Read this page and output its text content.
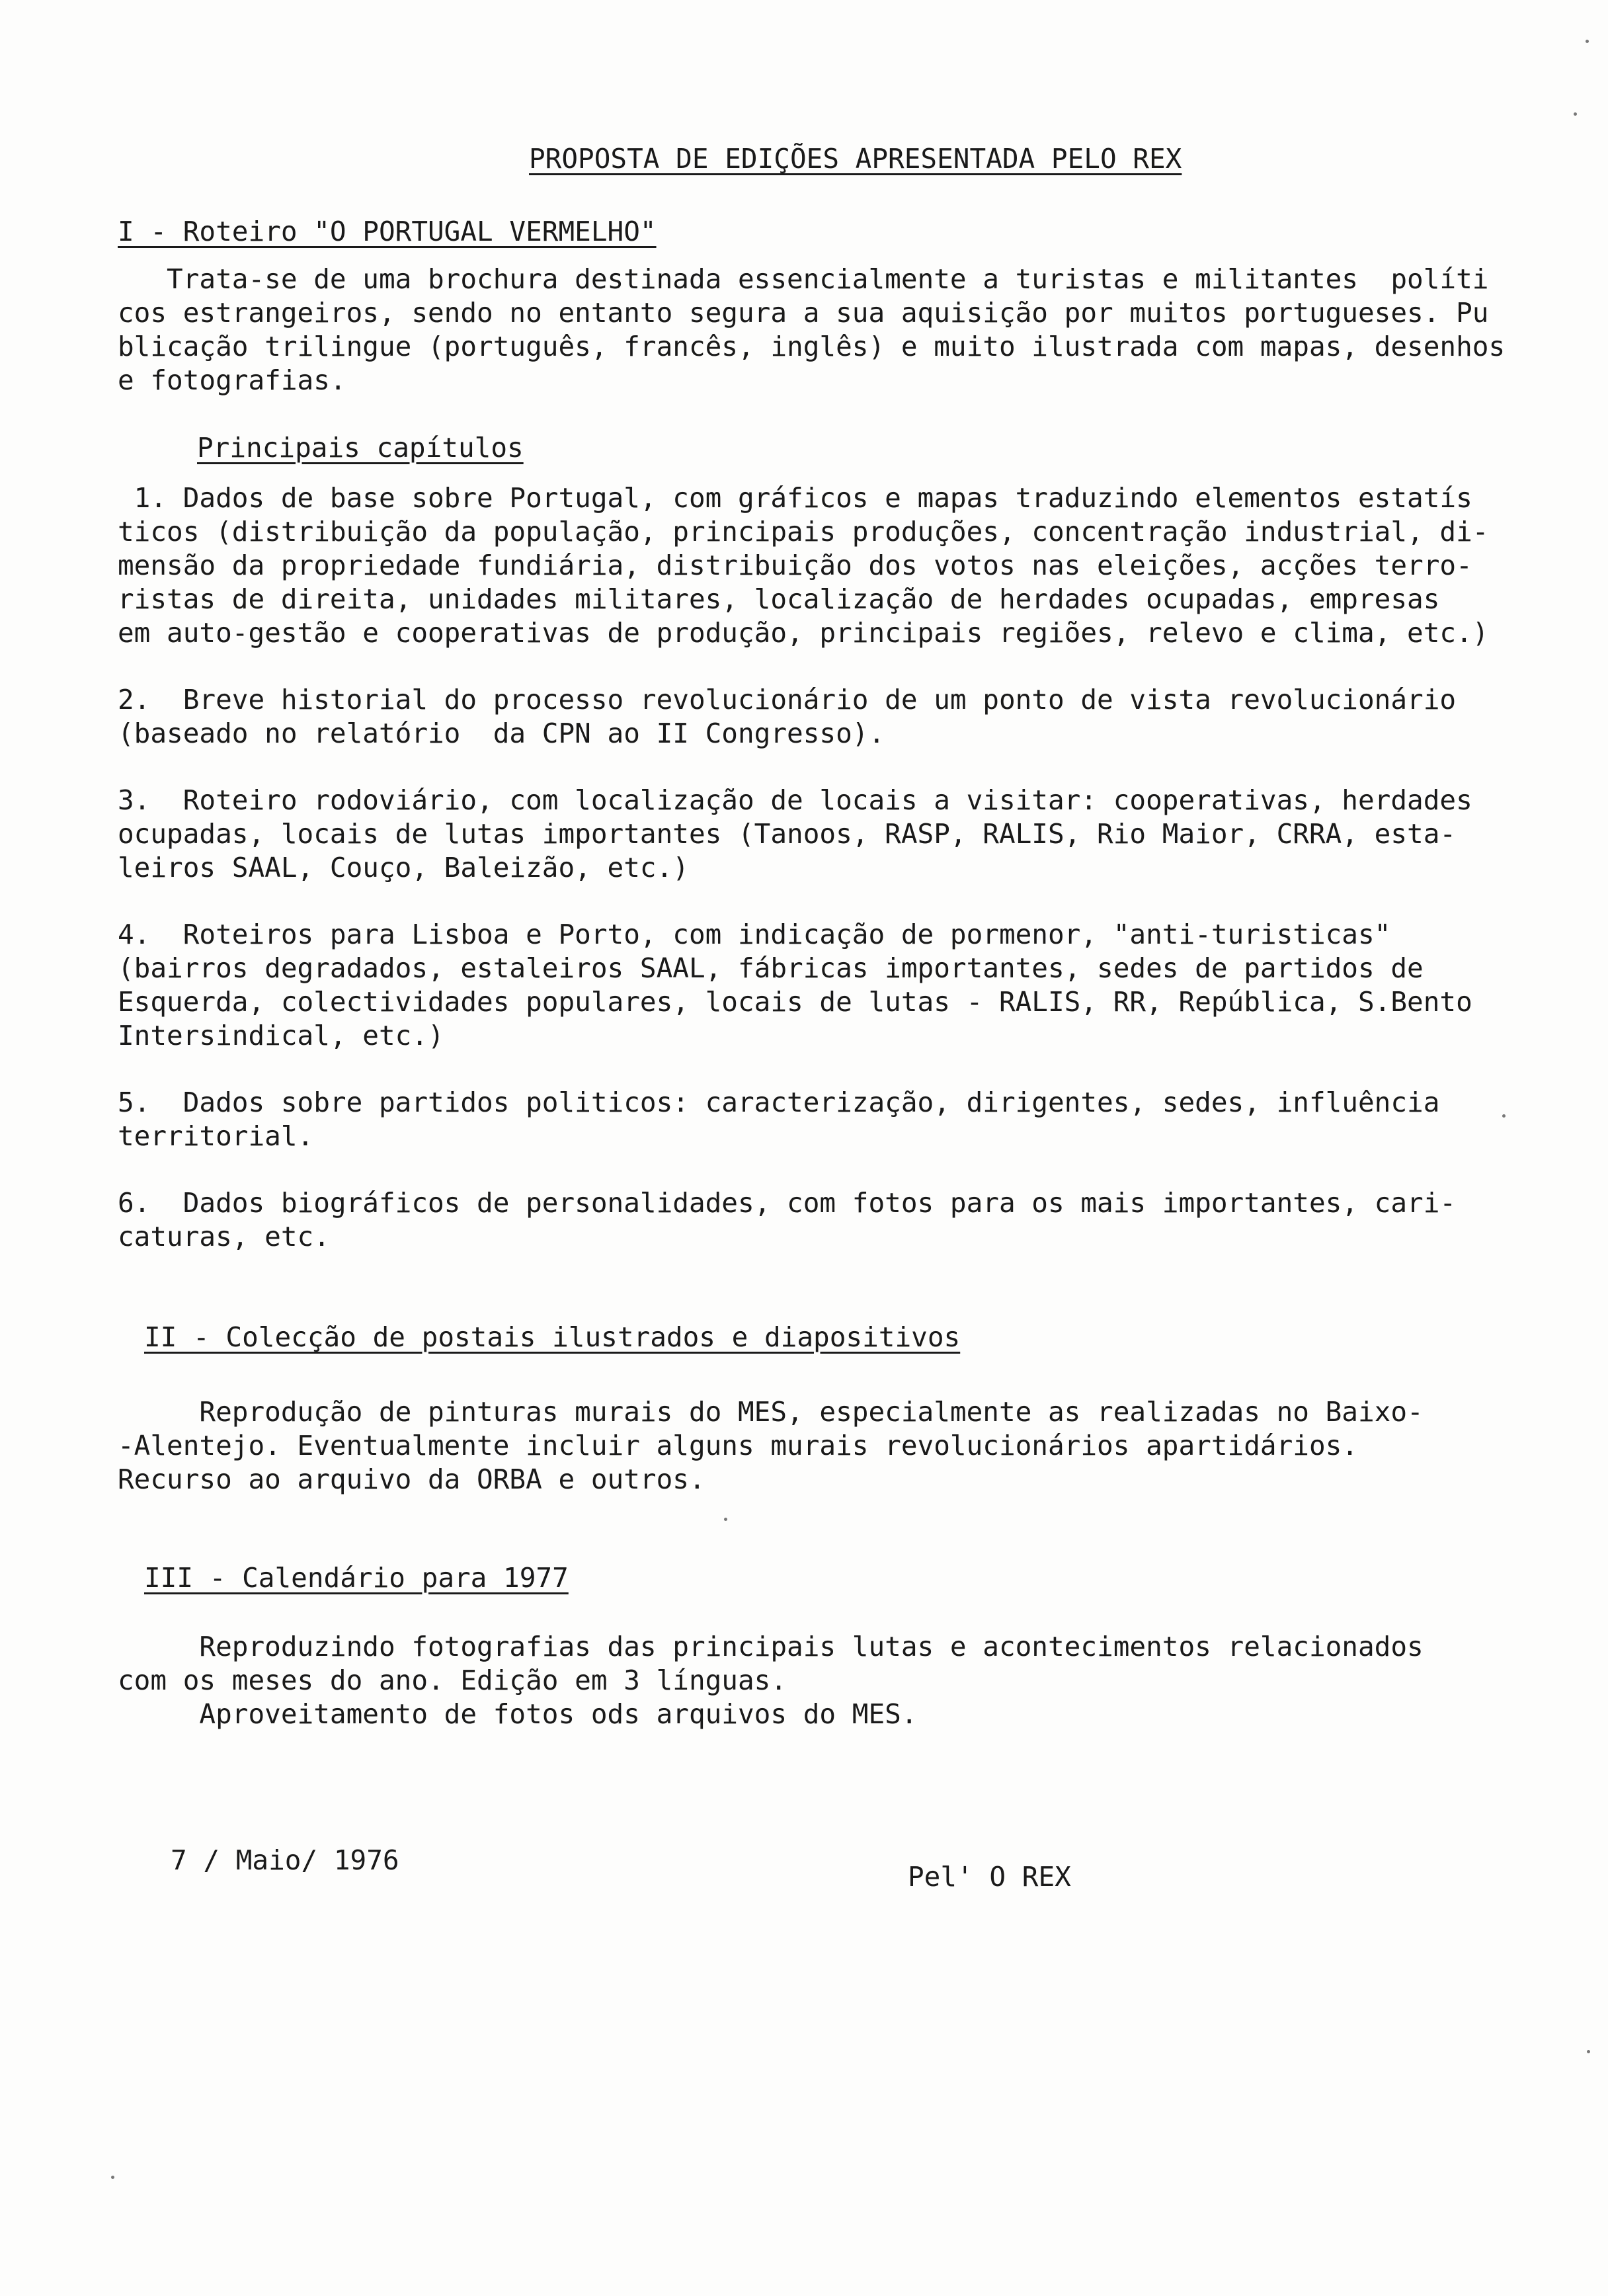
PROPOSTA DE EDIÇÕES APRESENTADA PELO REX
I - Roteiro "O PORTUGAL VERMELHO"
Trata-se de uma brochura destinada essencialmente a turistas e militantes  políti
cos estrangeiros, sendo no entanto segura a sua aquisição por muitos portugueses. Pu
blicação trilingue (português, francês, inglês) e muito ilustrada com mapas, desenhos
e fotografias.
Principais capítulos
1. Dados de base sobre Portugal, com gráficos e mapas traduzindo elementos estatís
ticos (distribuição da população, principais produções, concentração industrial, di-
mensão da propriedade fundiária, distribuição dos votos nas eleições, acções terro-
ristas de direita, unidades militares, localização de herdades ocupadas, empresas
em auto-gestão e cooperativas de produção, principais regiões, relevo e clima, etc.)
2.  Breve historial do processo revolucionário de um ponto de vista revolucionário
(baseado no relatório  da CPN ao II Congresso).
3.  Roteiro rodoviário, com localização de locais a visitar: cooperativas, herdades
ocupadas, locais de lutas importantes (Tanoos, RASP, RALIS, Rio Maior, CRRA, esta-
leiros SAAL, Couço, Baleizão, etc.)
4.  Roteiros para Lisboa e Porto, com indicação de pormenor, "anti-turisticas"
(bairros degradados, estaleiros SAAL, fábricas importantes, sedes de partidos de
Esquerda, colectividades populares, locais de lutas - RALIS, RR, República, S.Bento
Intersindical, etc.)
5.  Dados sobre partidos politicos: caracterização, dirigentes, sedes, influência
territorial.
6.  Dados biográficos de personalidades, com fotos para os mais importantes, cari-
caturas, etc.
II - Colecção de postais ilustrados e diapositivos
Reprodução de pinturas murais do MES, especialmente as realizadas no Baixo-
-Alentejo. Eventualmente incluir alguns murais revolucionários apartidários.
Recurso ao arquivo da ORBA e outros.
III - Calendário para 1977
Reproduzindo fotografias das principais lutas e acontecimentos relacionados
com os meses do ano. Edição em 3 línguas.
Aproveitamento de fotos ods arquivos do MES.
7 / Maio/ 1976
Pel' O REX
